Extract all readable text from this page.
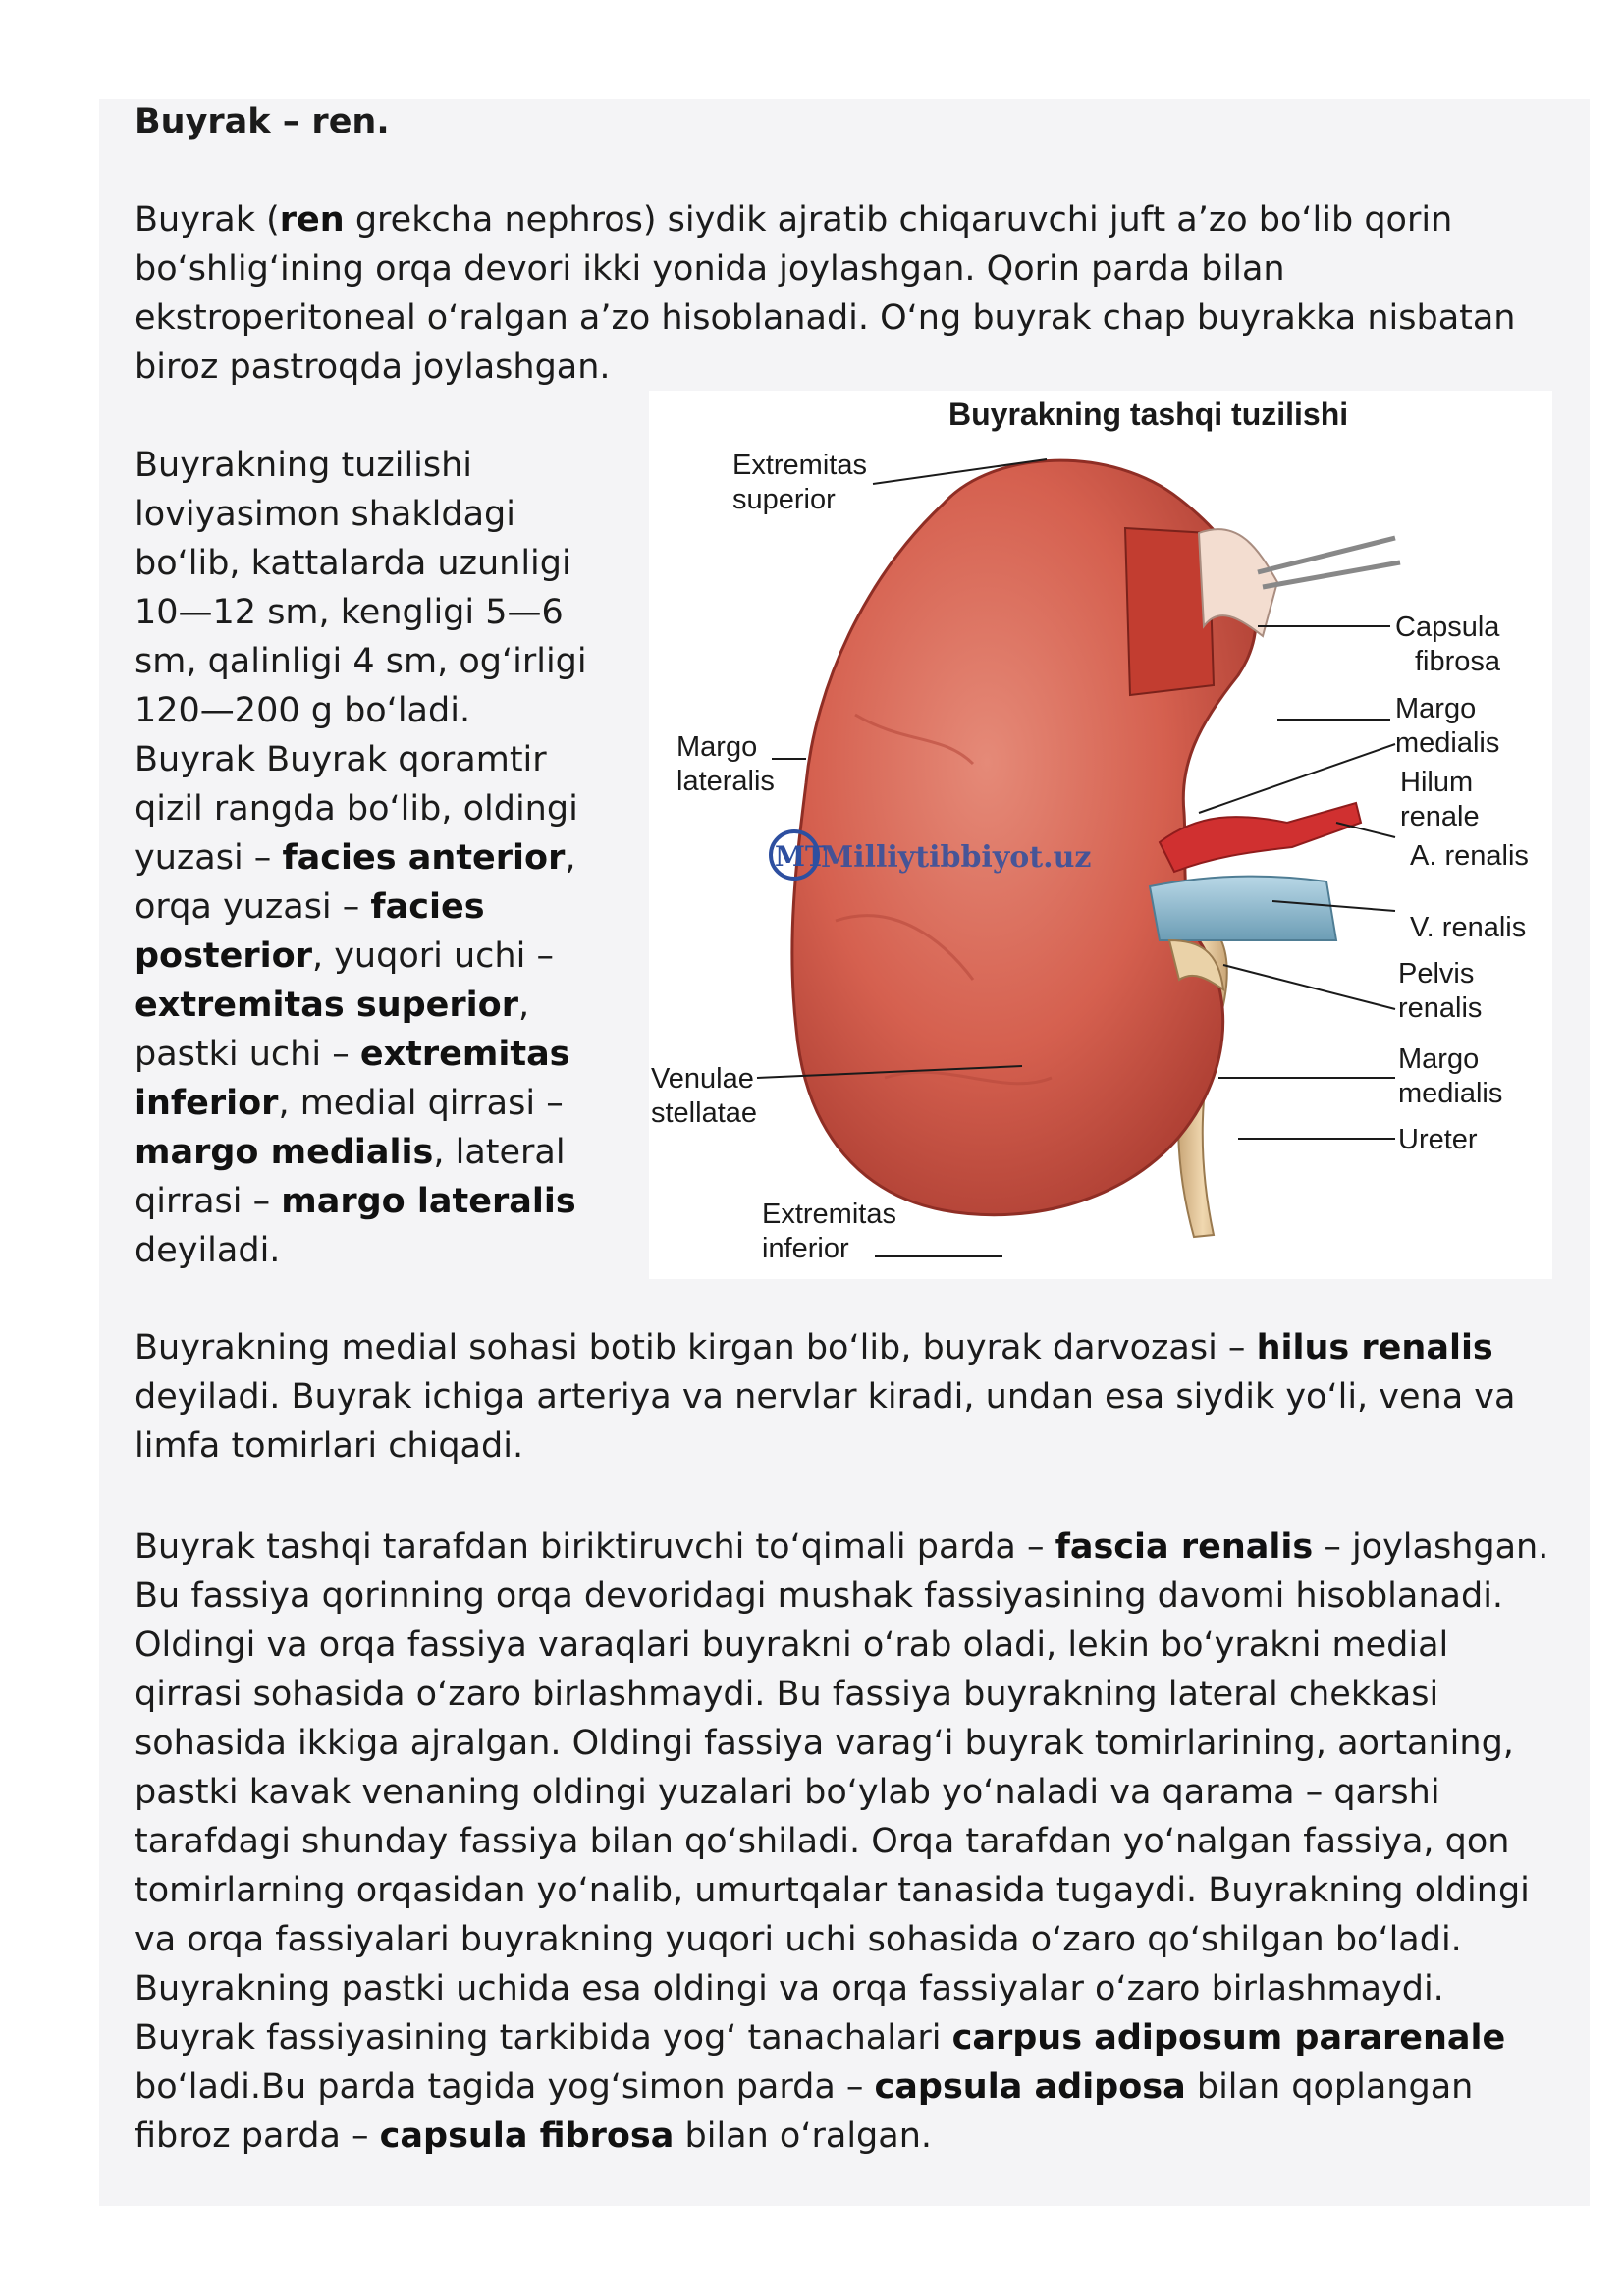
Buyrak – ren.

Buyrak (ren grekcha nephros) siydik ajratib chiqaruvchi juft a’zo bo‘lib qorin bo‘shlig‘ining orqa devori ikki yonida joylashgan. Qorin parda bilan ekstroperitoneal o‘ralgan a’zo hisoblanadi. O‘ng buyrak chap buyrakka nisbatan biroz pastroqda joylashgan.

Buyrakning tuzilishi loviyasimon shakldagi bo‘lib, kattalarda uzunligi 10—12 sm, kengligi 5—6 sm, qalinligi 4 sm, og‘irligi 120—200 g bo‘ladi. Buyrak Buyrak qoramtir qizil rangda bo‘lib, oldingi yuzasi – facies anterior, orqa yuzasi – facies posterior, yuqori uchi – extremitas superior, pastki uchi – extremitas inferior, medial qirrasi – margo medialis, lateral qirrasi – margo lateralis deyiladi.

Buyrakning tashqi tuzilishi
MT
Milliytibbiyot.uz
Extremitas
superior
Capsula
fibrosa
Margo
medialis
Hilum
renale
A. renalis
V. renalis
Pelvis
renalis
Margo
medialis
Ureter
Margo
lateralis
Venulae
stellatae
Extremitas
inferior

Buyrakning medial sohasi botib kirgan bo‘lib, buyrak darvozasi – hilus renalis deyiladi. Buyrak ichiga arteriya va nervlar kiradi, undan esa siydik yo‘li, vena va limfa tomirlari chiqadi.

Buyrak tashqi tarafdan biriktiruvchi to‘qimali parda – fascia renalis – joylashgan. Bu fassiya qorinning orqa devoridagi mushak fassiyasining davomi hisoblanadi. Oldingi va orqa fassiya varaqlari buyrakni o‘rab oladi, lekin bo‘yrakni medial qirrasi sohasida o‘zaro birlashmaydi. Bu fassiya buyrakning lateral chekkasi sohasida ikkiga ajralgan. Oldingi fassiya varag‘i buyrak tomirlarining, aortaning, pastki kavak venaning oldingi yuzalari bo‘ylab yo‘naladi va qarama – qarshi tarafdagi shunday fassiya bilan qo‘shiladi. Orqa tarafdan yo‘nalgan fassiya, qon tomirlarning orqasidan yo‘nalib, umurtqalar tanasida tugaydi. Buyrakning oldingi va orqa fassiyalari buyrakning yuqori uchi sohasida o‘zaro qo‘shilgan bo‘ladi. Buyrakning pastki uchida esa oldingi va orqa fassiyalar o‘zaro birlashmaydi. Buyrak fassiyasining tarkibida yog‘ tanachalari carpus adiposum pararenale bo‘ladi.Bu parda tagida yog‘simon parda – capsula adiposa bilan qoplangan fibroz parda – capsula fibrosa bilan o‘ralgan.
